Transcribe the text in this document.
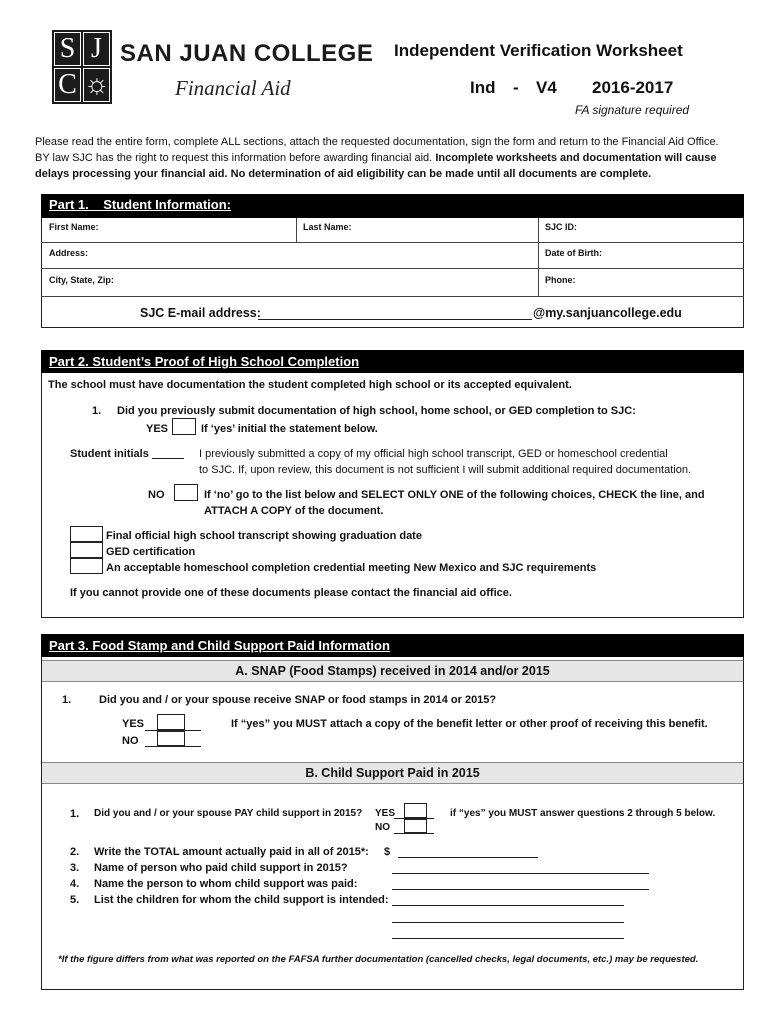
S J
C ☼
SAN JUAN COLLEGE
Financial Aid
Independent Verification Worksheet
Ind  -  V4 2016-2017
FA signature required
Please read the entire form, complete ALL sections, attach the requested documentation, sign the form and return to the Financial Aid Office. BY law SJC has the right to request this information before awarding financial aid. Incomplete worksheets and documentation will cause delays processing your financial aid. No determination of aid eligibility can be made until all documents are complete.
Part 1.    Student Information:
First Name:	Last Name:	SJC ID:
Address:	Date of Birth:
City, State, Zip:	Phone:
SJC E-mail address:	@my.sanjuancollege.edu
Part 2. Student’s Proof of High School Completion
The school must have documentation the student completed high school or its accepted equivalent.
1. Did you previously submit documentation of high school, home school, or GED completion to SJC:
YES	If ‘yes’ initial the statement below.
Student initials	I previously submitted a copy of my official high school transcript, GED or homeschool credential
to SJC. If, upon review, this document is not sufficient I will submit additional required documentation.
NO	If ‘no’ go to the list below and SELECT ONLY ONE of the following choices, CHECK the line, and
ATTACH A COPY of the document.
Final official high school transcript showing graduation date
GED certification
An acceptable homeschool completion credential meeting New Mexico and SJC requirements
If you cannot provide one of these documents please contact the financial aid office.
Part 3. Food Stamp and Child Support Paid Information
A. SNAP (Food Stamps) received in 2014 and/or 2015
1.	Did you and / or your spouse receive SNAP or food stamps in 2014 or 2015?
YES
NO
If “yes” you MUST attach a copy of the benefit letter or other proof of receiving this benefit.
B. Child Support Paid in 2015
1. Did you and / or your spouse PAY child support in 2015? YES
NO
if “yes” you MUST answer questions 2 through 5 below.
2. Write the TOTAL amount actually paid in all of 2015*: $
3. Name of person who paid child support in 2015?
4. Name the person to whom child support was paid:
5. List the children for whom the child support is intended:
*If the figure differs from what was reported on the FAFSA further documentation (cancelled checks, legal documents, etc.) may be requested.
